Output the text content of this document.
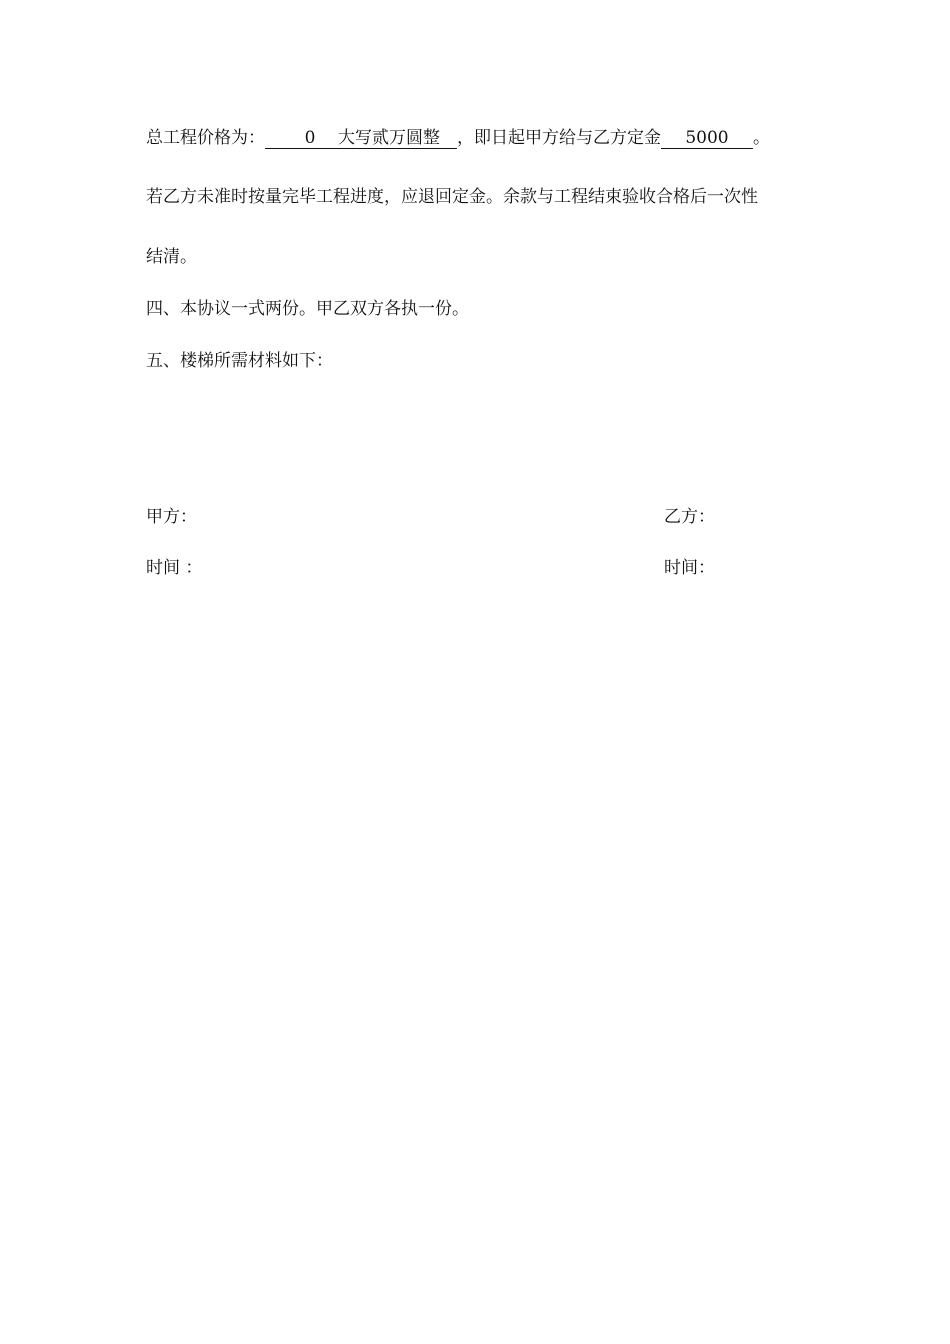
总工程价格为： 0 大写贰万圆整 ，即日起甲方给与乙方定金 5000 。
若乙方未准时按量完毕工程进度，应退回定金。余款与工程结束验收合格后一次性
结清。
四、本协议一式两份。甲乙双方各执一份。
五、楼梯所需材料如下：
甲方：	乙方：
时间 ：	时间：
